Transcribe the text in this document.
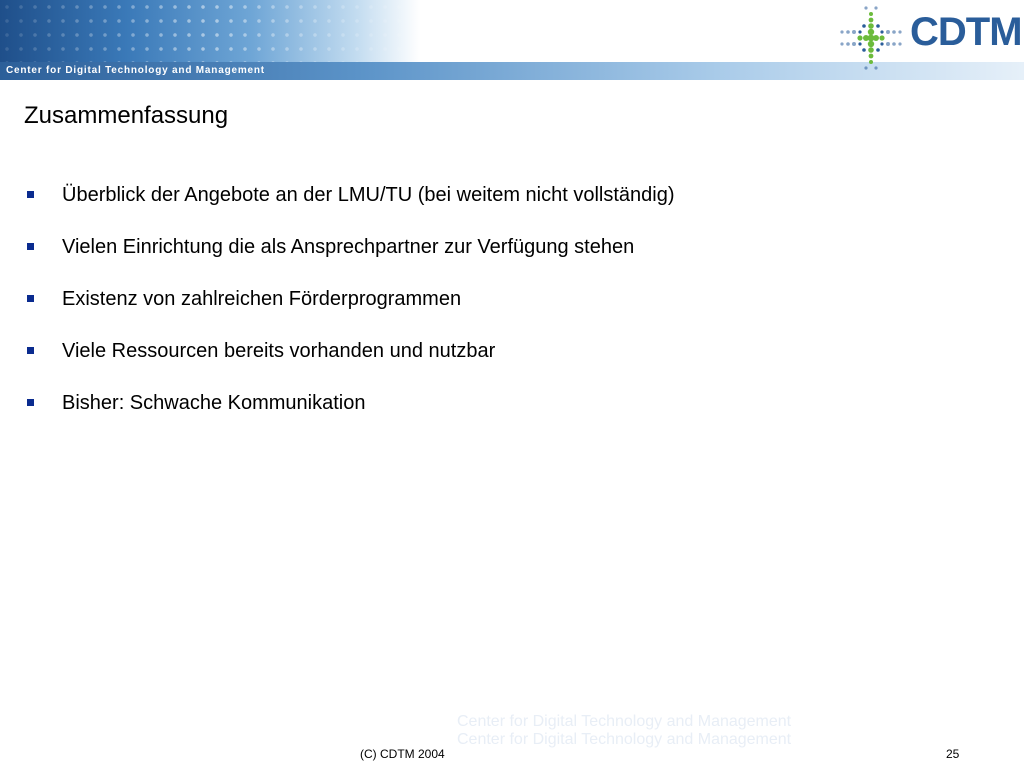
Center for Digital Technology and Management
CDTM
Zusammenfassung
Überblick der Angebote an der LMU/TU (bei weitem nicht vollständig)
Vielen Einrichtung die als Ansprechpartner zur Verfügung stehen
Existenz von zahlreichen Förderprogrammen
Viele Ressourcen bereits vorhanden und nutzbar
Bisher: Schwache Kommunikation
Center for Digital Technology and Management
Center for Digital Technology and Management
(C) CDTM 2004	25
